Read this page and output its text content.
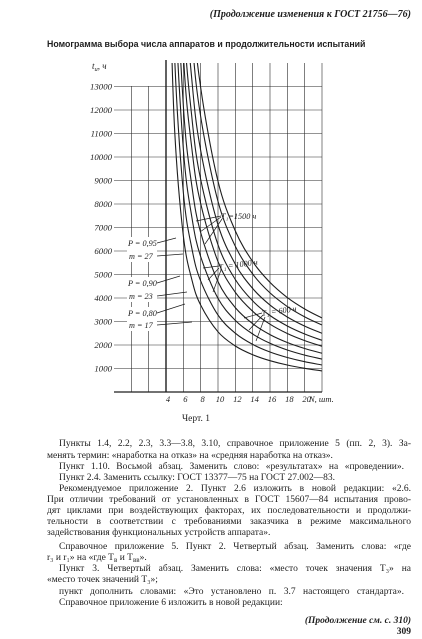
(Продолжение изменения к ГОСТ 21756—76)
Номограмма выбора числа аппаратов и продолжительности испытаний
13000
12000
11000
10000
9000
8000
7000
6000
5000
4000
3000
2000
1000
4 6 8 10 12 14 16 18 20
$t_и$, ч
N, шт.
P = 0,95
m = 27
P = 0,90
m = 23
P = 0,80
m = 17
T₁=1500 ч
T₁ = 1000 ч
T₁ = 600 ч
Черт. 1
Пункты 1.4, 2.2, 2.3, 3.3—3.8, 3.10, справочное приложение 5 (пп. 2, 3). За-
менять термин: «наработка на отказ» на «средняя наработка на отказ».
Пункт 1.10. Восьмой абзац. Заменить слово: «результатах» на «проведении».
Пункт 2.4. Заменить ссылку: ГОСТ 13377—75 на ГОСТ 27.002—83.
Рекомендуемое приложение 2. Пункт 2.6 изложить в новой редакции: «2.6.
При отличии требований от установленных в ГОСТ 15607—84 испытания прово-
дят циклами при воздействующих факторах, их последовательности и продолжи-
тельности в соответствии с требованиями заказчика в режиме максимального
задействования функциональных устройств аппарата».
Справочное приложение 5. Пункт 2. Четвертый абзац. Заменить слова: «где
r₃ и r₁» на «где $T_в$ и $T_{вв}$».
Пункт 3. Четвертый абзац. Заменить слова: «место точек значения T₃» на
«место точек значений T₃»;
пункт дополнить словами: «Это установлено п. 3.7 настоящего стандарта».
Справочное приложение 6 изложить в новой редакции:
(Продолжение см. с. 310)
309
